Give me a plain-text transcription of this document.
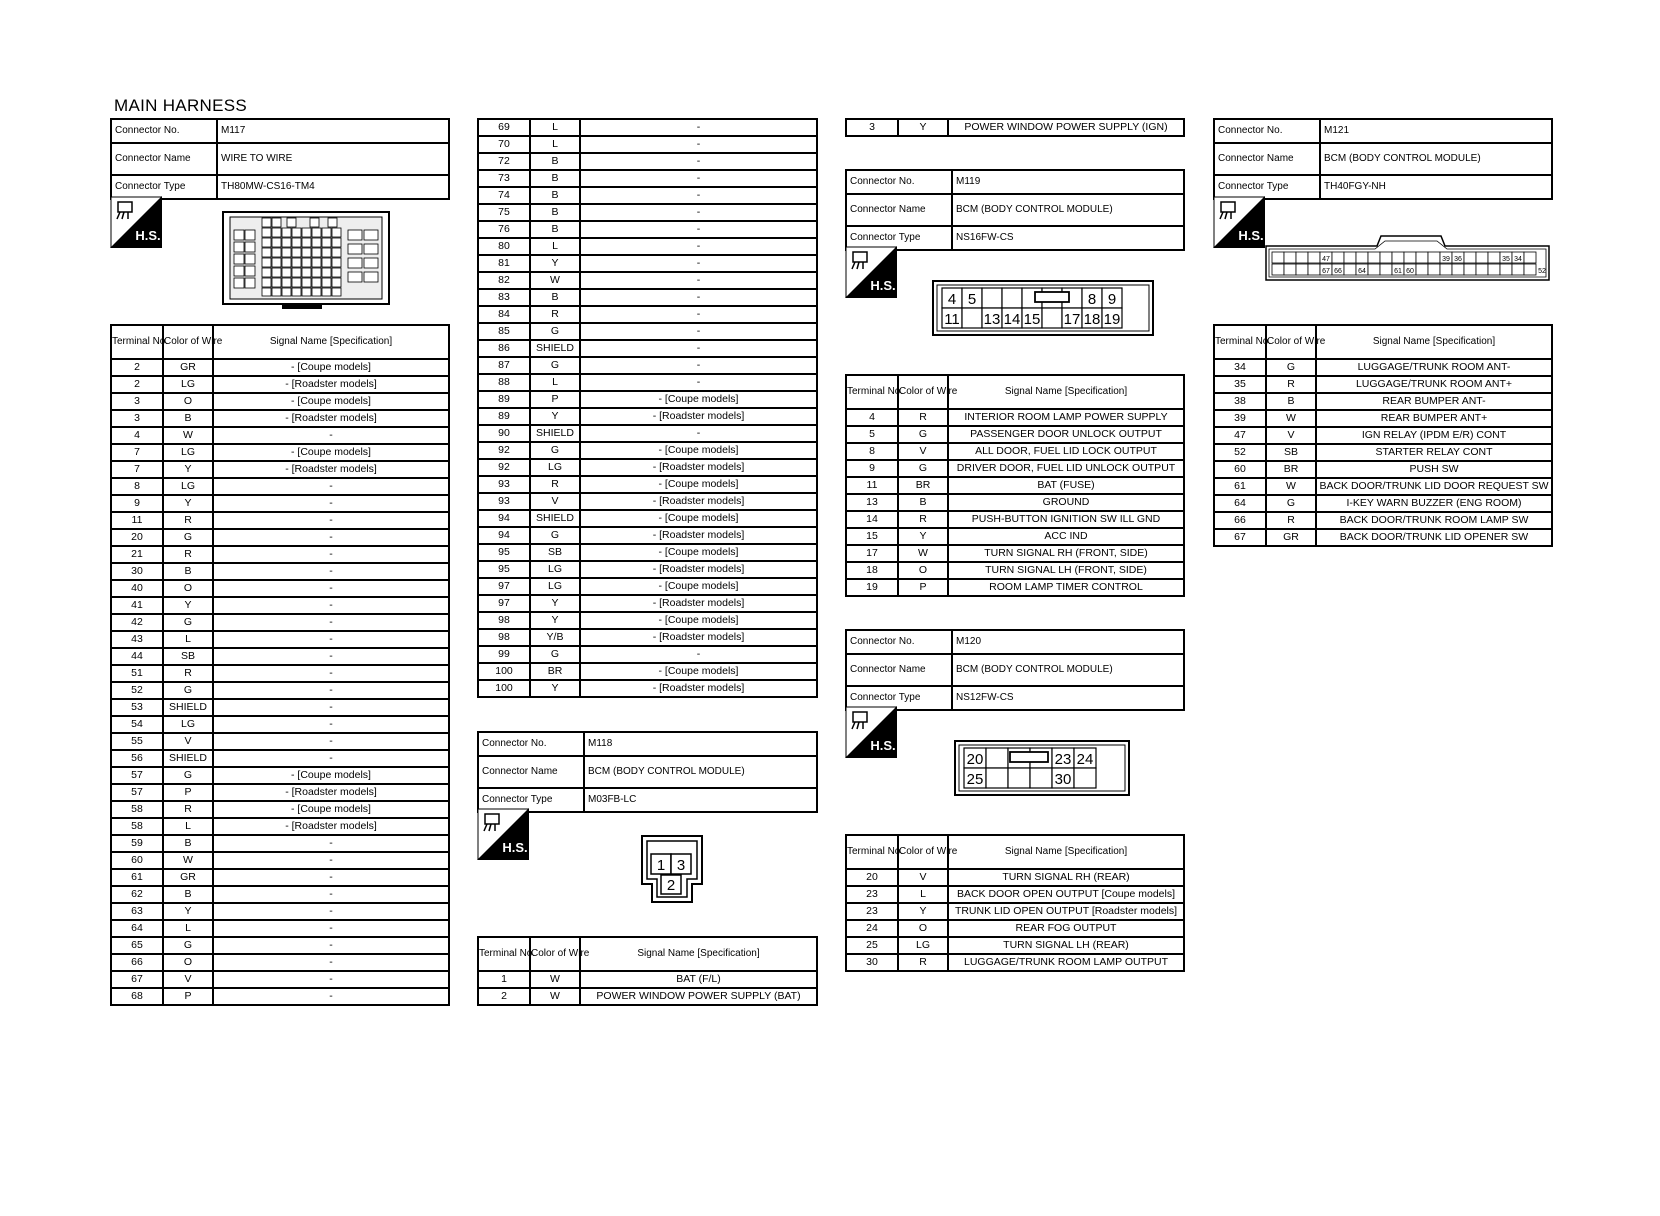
MAIN HARNESS
Connector No.	M117
Connector Name	WIRE TO WIRE
Connector Type	TH80MW-CS16-TM4
H.S.
Terminal No.	Color of Wire	Signal Name [Specification]
2	GR	- [Coupe models]
2	LG	- [Roadster models]
3	O	- [Coupe models]
3	B	- [Roadster models]
4	W	-
7	LG	- [Coupe models]
7	Y	- [Roadster models]
8	LG	-
9	Y	-
11	R	-
20	G	-
21	R	-
30	B	-
40	O	-
41	Y	-
42	G	-
43	L	-
44	SB	-
51	R	-
52	G	-
53	SHIELD	-
54	LG	-
55	V	-
56	SHIELD	-
57	G	- [Coupe models]
57	P	- [Roadster models]
58	R	- [Coupe models]
58	L	- [Roadster models]
59	B	-
60	W	-
61	GR	-
62	B	-
63	Y	-
64	L	-
65	G	-
66	O	-
67	V	-
68	P	-
69	L	-
70	L	-
72	B	-
73	B	-
74	B	-
75	B	-
76	B	-
80	L	-
81	Y	-
82	W	-
83	B	-
84	R	-
85	G	-
86	SHIELD	-
87	G	-
88	L	-
89	P	- [Coupe models]
89	Y	- [Roadster models]
90	SHIELD	-
92	G	- [Coupe models]
92	LG	- [Roadster models]
93	R	- [Coupe models]
93	V	- [Roadster models]
94	SHIELD	- [Coupe models]
94	G	- [Roadster models]
95	SB	- [Coupe models]
95	LG	- [Roadster models]
97	LG	- [Coupe models]
97	Y	- [Roadster models]
98	Y	- [Coupe models]
98	Y/B	- [Roadster models]
99	G	-
100	BR	- [Coupe models]
100	Y	- [Roadster models]
Connector No.	M118
Connector Name	BCM (BODY CONTROL MODULE)
Connector Type	M03FB-LC
H.S.
1 3
2
Terminal No.	Color of Wire	Signal Name [Specification]
1	W	BAT (F/L)
2	W	POWER WINDOW POWER SUPPLY (BAT)
3	Y	POWER WINDOW POWER SUPPLY (IGN)
Connector No.	M119
Connector Name	BCM (BODY CONTROL MODULE)
Connector Type	NS16FW-CS
H.S.
4 5	8 9
11 13 14 15 17 18 19
Terminal No.	Color of Wire	Signal Name [Specification]
4	R	INTERIOR ROOM LAMP POWER SUPPLY
5	G	PASSENGER DOOR UNLOCK OUTPUT
8	V	ALL DOOR, FUEL LID LOCK OUTPUT
9	G	DRIVER DOOR, FUEL LID UNLOCK OUTPUT
11	BR	BAT (FUSE)
13	B	GROUND
14	R	PUSH-BUTTON IGNITION SW ILL GND
15	Y	ACC IND
17	W	TURN SIGNAL RH (FRONT, SIDE)
18	O	TURN SIGNAL LH (FRONT, SIDE)
19	P	ROOM LAMP TIMER CONTROL
Connector No.	M120
Connector Name	BCM (BODY CONTROL MODULE)
Connector Type	NS12FW-CS
H.S.
20	23 24
25	30
Terminal No.	Color of Wire	Signal Name [Specification]
20	V	TURN SIGNAL RH (REAR)
23	L	BACK DOOR OPEN OUTPUT [Coupe models]
23	Y	TRUNK LID OPEN OUTPUT [Roadster models]
24	O	REAR FOG OUTPUT
25	LG	TURN SIGNAL LH (REAR)
30	R	LUGGAGE/TRUNK ROOM LAMP OUTPUT
Connector No.	M121
Connector Name	BCM (BODY CONTROL MODULE)
Connector Type	TH40FGY-NH
H.S.
47	39 36	35 34
67 66 64	61 60	52
Terminal No.	Color of Wire	Signal Name [Specification]
34	G	LUGGAGE/TRUNK ROOM ANT-
35	R	LUGGAGE/TRUNK ROOM ANT+
38	B	REAR BUMPER ANT-
39	W	REAR BUMPER ANT+
47	V	IGN RELAY (IPDM E/R) CONT
52	SB	STARTER RELAY CONT
60	BR	PUSH SW
61	W	BACK DOOR/TRUNK LID DOOR REQUEST SW
64	G	I-KEY WARN BUZZER (ENG ROOM)
66	R	BACK DOOR/TRUNK ROOM LAMP SW
67	GR	BACK DOOR/TRUNK LID OPENER SW
